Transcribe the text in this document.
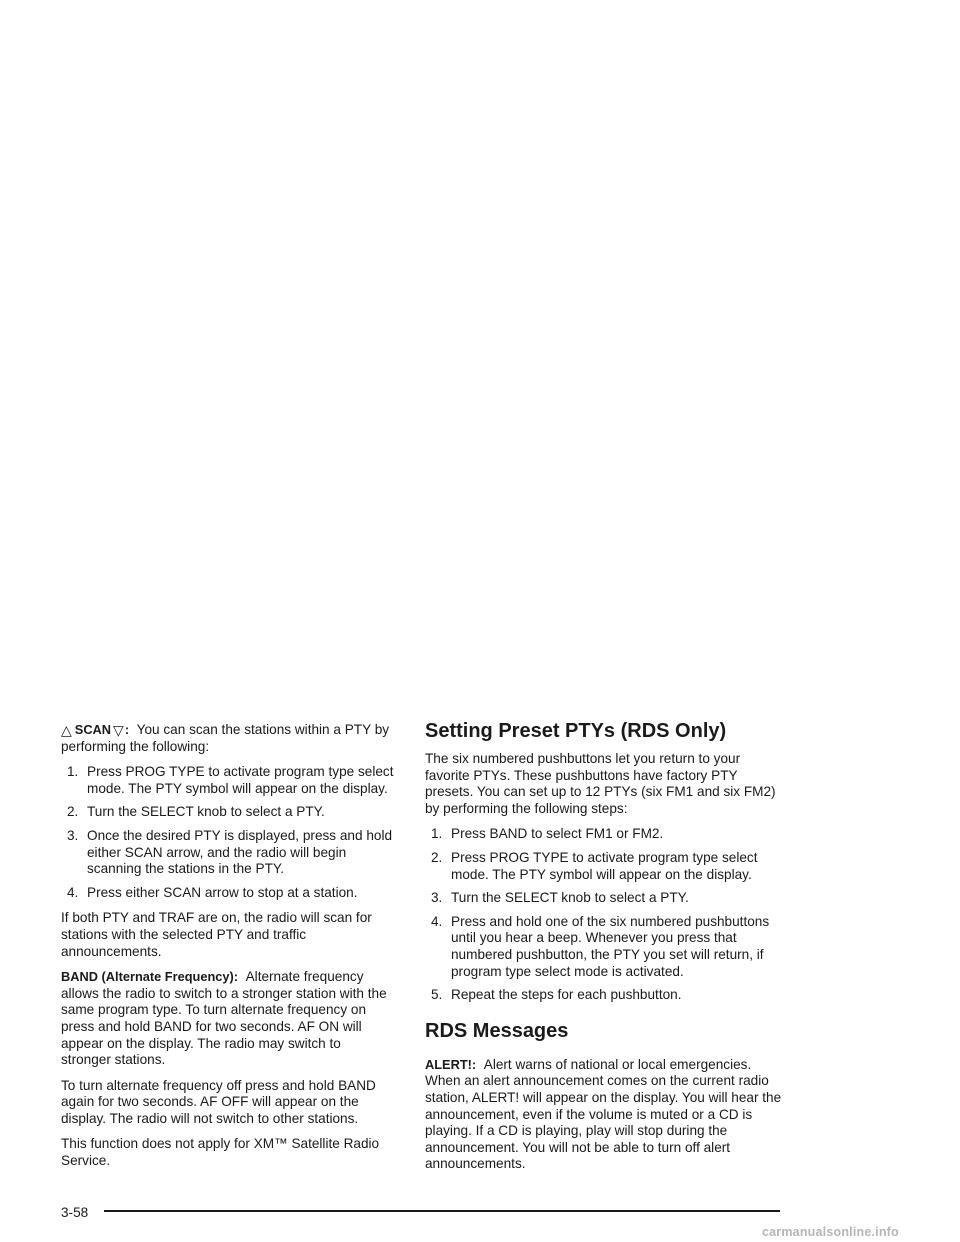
△ SCAN ▽: You can scan the stations within a PTY by performing the following:

1. Press PROG TYPE to activate program type select mode. The PTY symbol will appear on the display.
2. Turn the SELECT knob to select a PTY.
3. Once the desired PTY is displayed, press and hold either SCAN arrow, and the radio will begin scanning the stations in the PTY.
4. Press either SCAN arrow to stop at a station.

If both PTY and TRAF are on, the radio will scan for stations with the selected PTY and traffic announcements.

BAND (Alternate Frequency): Alternate frequency allows the radio to switch to a stronger station with the same program type. To turn alternate frequency on press and hold BAND for two seconds. AF ON will appear on the display. The radio may switch to stronger stations.

To turn alternate frequency off press and hold BAND again for two seconds. AF OFF will appear on the display. The radio will not switch to other stations.

This function does not apply for XM™ Satellite Radio Service.

Setting Preset PTYs (RDS Only)

The six numbered pushbuttons let you return to your favorite PTYs. These pushbuttons have factory PTY presets. You can set up to 12 PTYs (six FM1 and six FM2) by performing the following steps:

1. Press BAND to select FM1 or FM2.
2. Press PROG TYPE to activate program type select mode. The PTY symbol will appear on the display.
3. Turn the SELECT knob to select a PTY.
4. Press and hold one of the six numbered pushbuttons until you hear a beep. Whenever you press that numbered pushbutton, the PTY you set will return, if program type select mode is activated.
5. Repeat the steps for each pushbutton.
RDS Messages

ALERT!: Alert warns of national or local emergencies. When an alert announcement comes on the current radio station, ALERT! will appear on the display. You will hear the announcement, even if the volume is muted or a CD is playing. If a CD is playing, play will stop during the announcement. You will not be able to turn off alert announcements.

3-58
carmanualsonline.info
